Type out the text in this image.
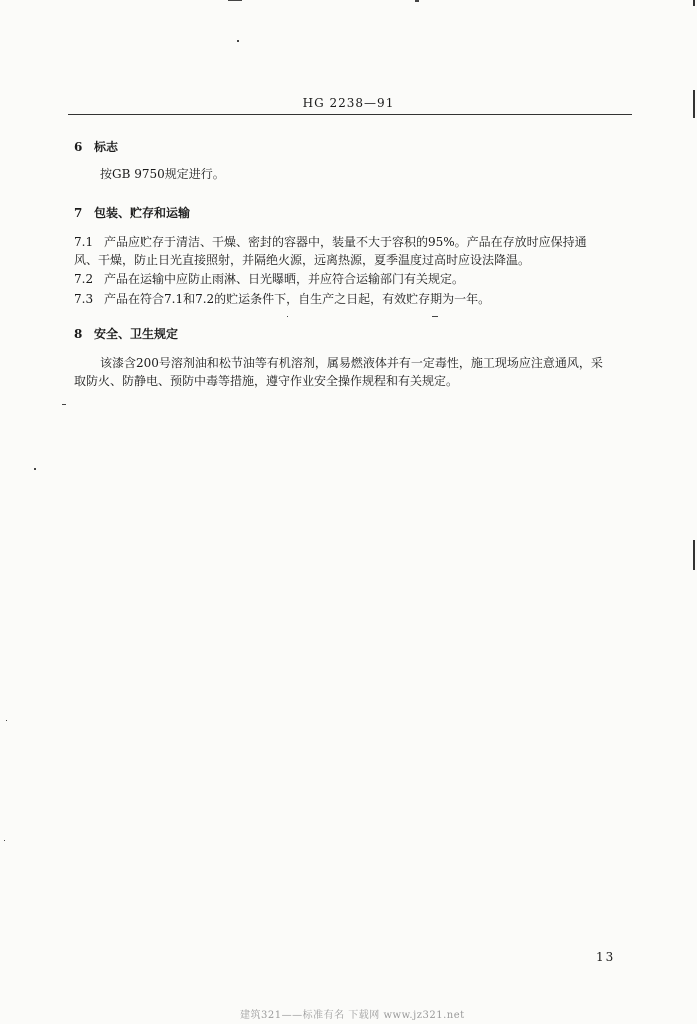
HG 2238—91
6 标志
按GB 9750规定进行。
7 包装、贮存和运输
7.1 产品应贮存于清洁、干燥、密封的容器中，装量不大于容积的95%。产品在存放时应保持通
风、干燥，防止日光直接照射，并隔绝火源，远离热源，夏季温度过高时应设法降温。
7.2 产品在运输中应防止雨淋、日光曝晒，并应符合运输部门有关规定。
7.3 产品在符合7.1和7.2的贮运条件下，自生产之日起，有效贮存期为一年。
8 安全、卫生规定
该漆含200号溶剂油和松节油等有机溶剂，属易燃液体并有一定毒性，施工现场应注意通风，采
取防火、防静电、预防中毒等措施，遵守作业安全操作规程和有关规定。
13
建筑321——标准有名 下载网 www.jz321.net
